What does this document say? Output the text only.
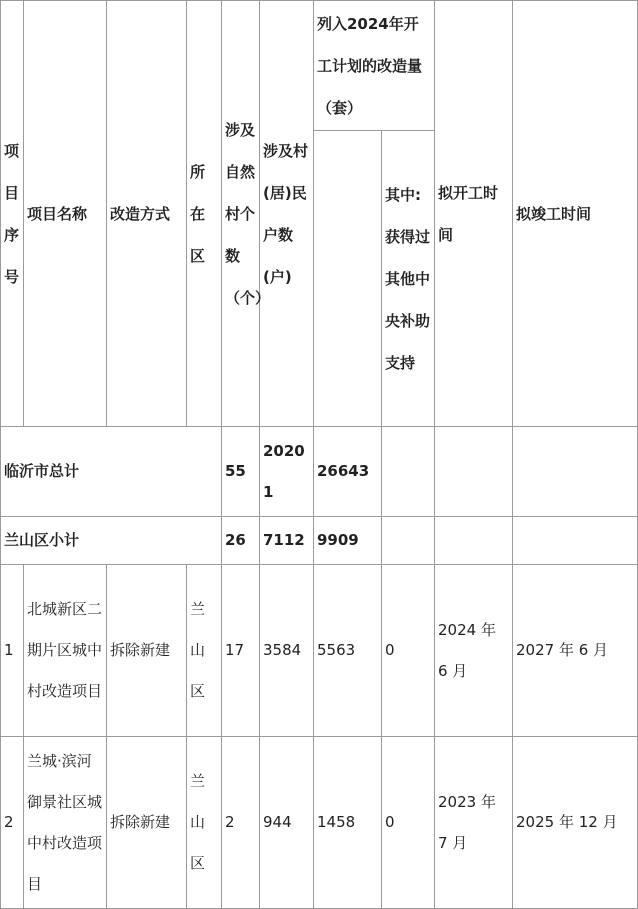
项目序号	项目名称	改造方式	所在区	涉及自然村个数（个）	涉及村(居)民户数(户)	列入2024年开工计划的改造量（套）		拟开工时间	拟竣工时间
							其中:获得过其他中央补助支持		
临沂市总计				55	20201	26643			
兰山区小计				26	7112	9909			
1	北城新区二期片区城中村改造项目	拆除新建	兰山区	17	3584	5563	0	2024 年 6 月	2027 年 6 月
2	兰城·滨河御景社区城中村改造项目	拆除新建	兰山区	2	944	1458	0	2023 年 7 月	2025 年 12 月
